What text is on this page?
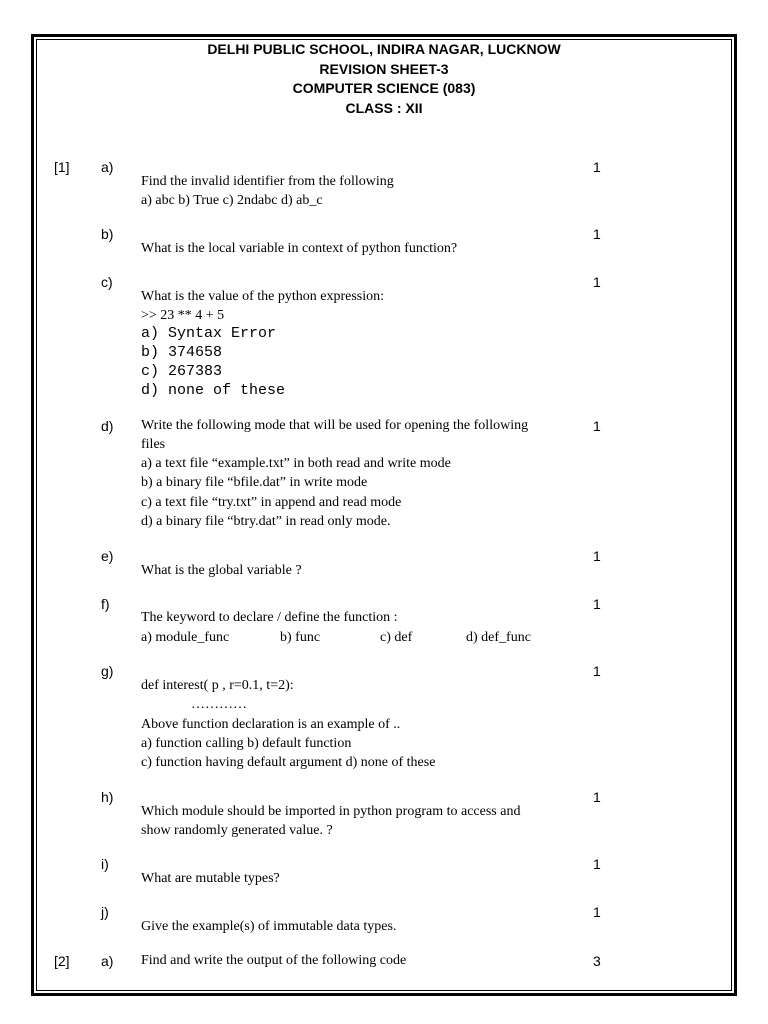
DELHI PUBLIC SCHOOL, INDIRA NAGAR, LUCKNOW
REVISION SHEET-3
COMPUTER SCIENCE (083)
CLASS : XII
[1] a)	1
Find the invalid identifier from the following
a) abc b) True c) 2ndabc d) ab_c
b)	1
What is the local variable in context of python function?
c)	1
What is the value of the python expression:
>> 23 ** 4 + 5
a) Syntax Error
b) 374658
c) 267383
d) none of these
d)	1
Write the following mode that will be used for opening the following
files
a) a text file “example.txt” in both read and write mode
b) a binary file “bfile.dat” in write mode
c) a text file “try.txt” in append and read mode
d) a binary file “btry.dat” in read only mode.
e)	1
What is the global variable ?
f)	1
The keyword to declare / define the function :
a) module_func	b) func	c) def	d) def_func
g)	1
def interest( p , r=0.1, t=2):
…………
Above function declaration is an example of ..
a) function calling b) default function
c) function having default argument d) none of these
h)	1
Which module should be imported in python program to access and
show randomly generated value. ?
i)	1
What are mutable types?
j)	1
Give the example(s) of immutable data types.
[2] a)	3
Find and write the output of the following code
